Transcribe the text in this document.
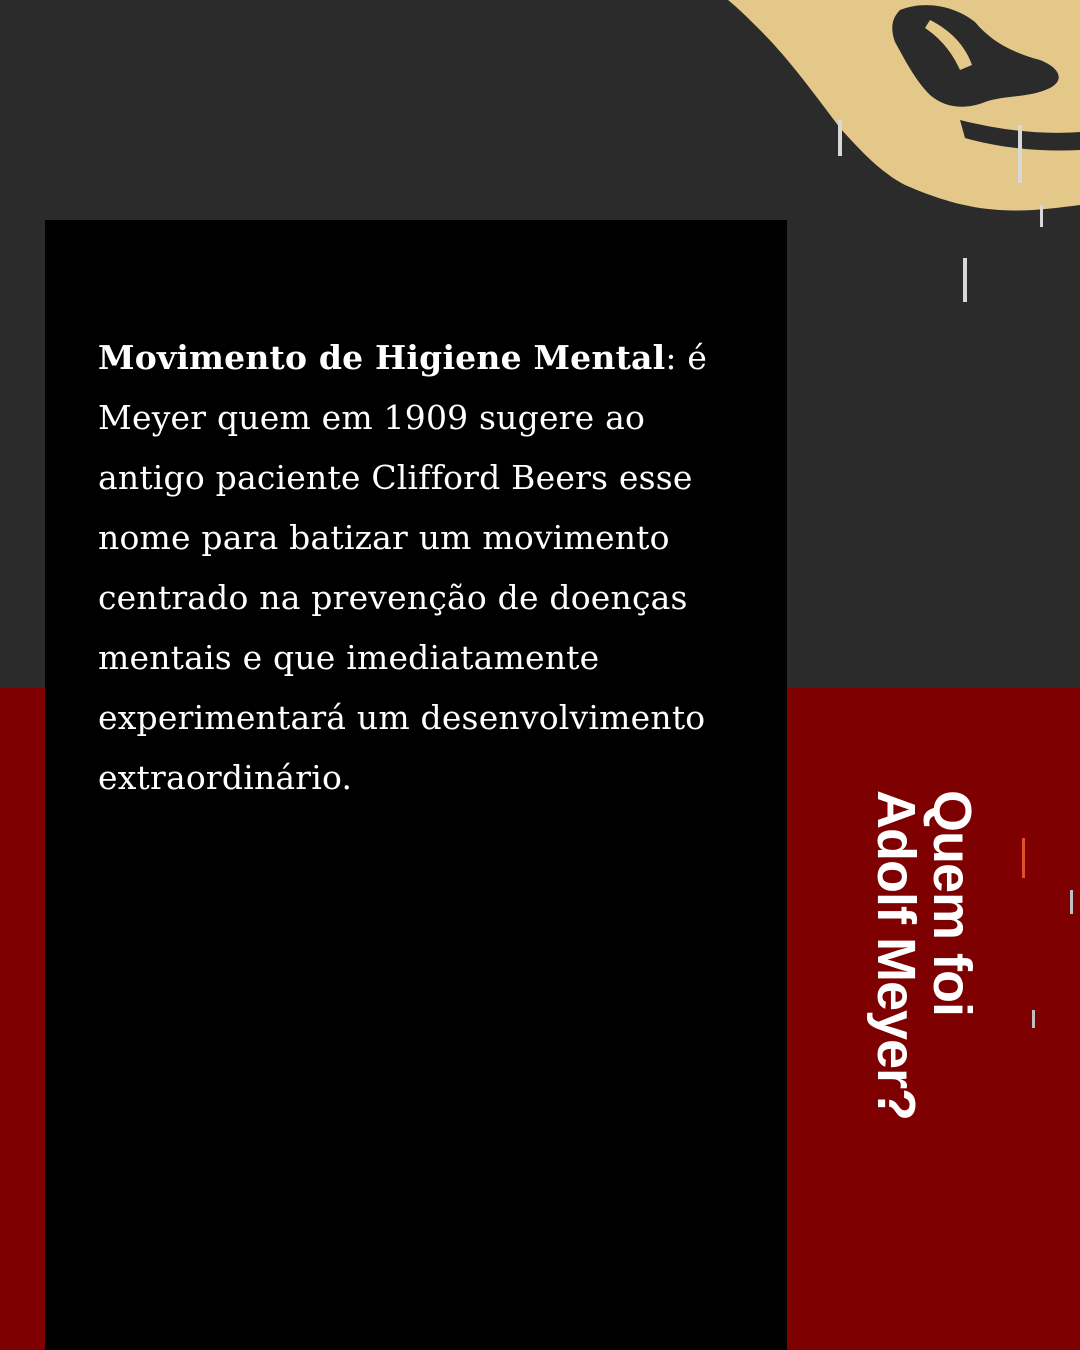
Movimento de Higiene Mental: é Meyer quem em 1909 sugere ao antigo paciente Clifford Beers esse nome para batizar um movimento centrado na prevenção de doenças mentais e que imediatamente experimentará um desenvolvimento extraordinário.

Quem foi
Adolf Meyer?
